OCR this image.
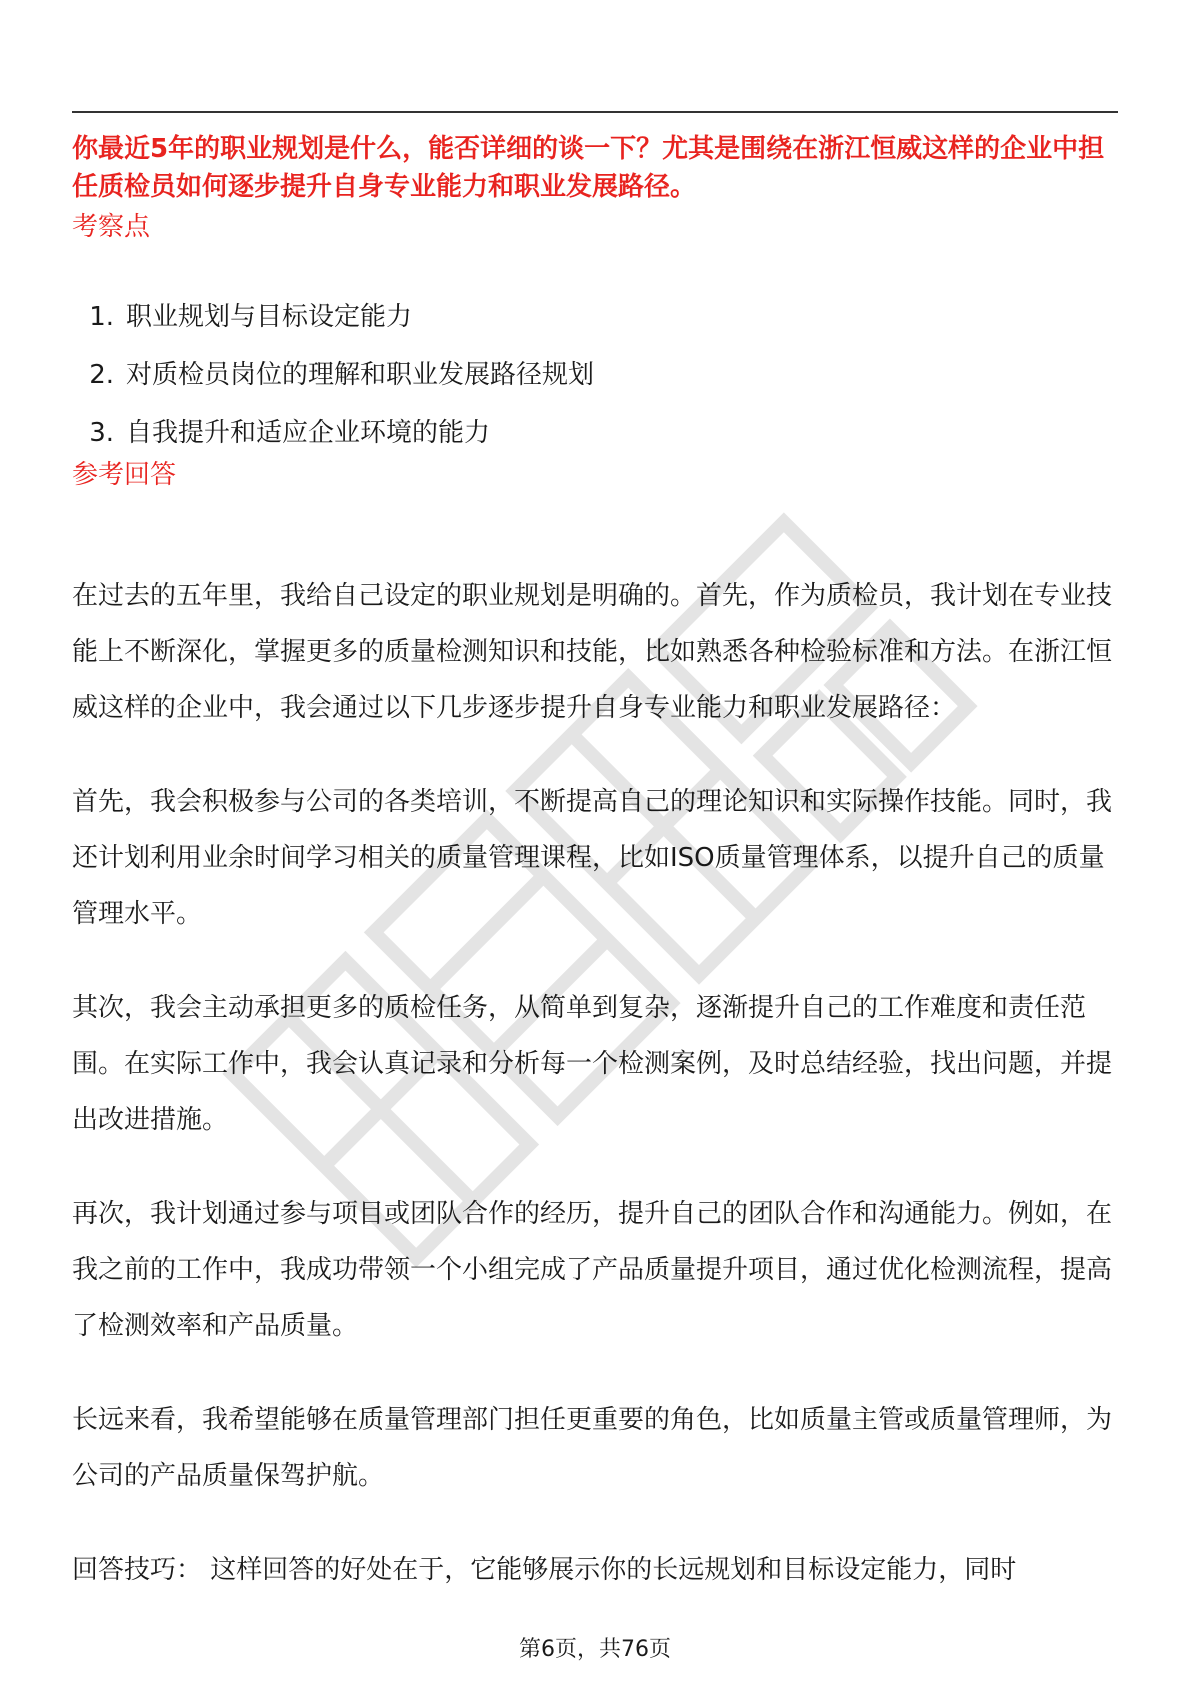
你最近5年的职业规划是什么，能否详细的谈一下？尤其是围绕在浙江恒威这样的企业中担任质检员如何逐步提升自身专业能力和职业发展路径。

考察点
1. 职业规划与目标设定能力
2. 对质检员岗位的理解和职业发展路径规划
3. 自我提升和适应企业环境的能力
参考回答

在过去的五年里，我给自己设定的职业规划是明确的。首先，作为质检员，我计划在专业技能上不断深化，掌握更多的质量检测知识和技能，比如熟悉各种检验标准和方法。在浙江恒威这样的企业中，我会通过以下几步逐步提升自身专业能力和职业发展路径：

首先，我会积极参与公司的各类培训，不断提高自己的理论知识和实际操作技能。同时，我还计划利用业余时间学习相关的质量管理课程，比如ISO质量管理体系，以提升自己的质量管理水平。

其次，我会主动承担更多的质检任务，从简单到复杂，逐渐提升自己的工作难度和责任范围。在实际工作中，我会认真记录和分析每一个检测案例，及时总结经验，找出问题，并提出改进措施。

再次，我计划通过参与项目或团队合作的经历，提升自己的团队合作和沟通能力。例如，在我之前的工作中，我成功带领一个小组完成了产品质量提升项目，通过优化检测流程，提高了检测效率和产品质量。

长远来看，我希望能够在质量管理部门担任更重要的角色，比如质量主管或质量管理师，为公司的产品质量保驾护航。

回答技巧： 这样回答的好处在于，它能够展示你的长远规划和目标设定能力，同时

第6页，共76页
